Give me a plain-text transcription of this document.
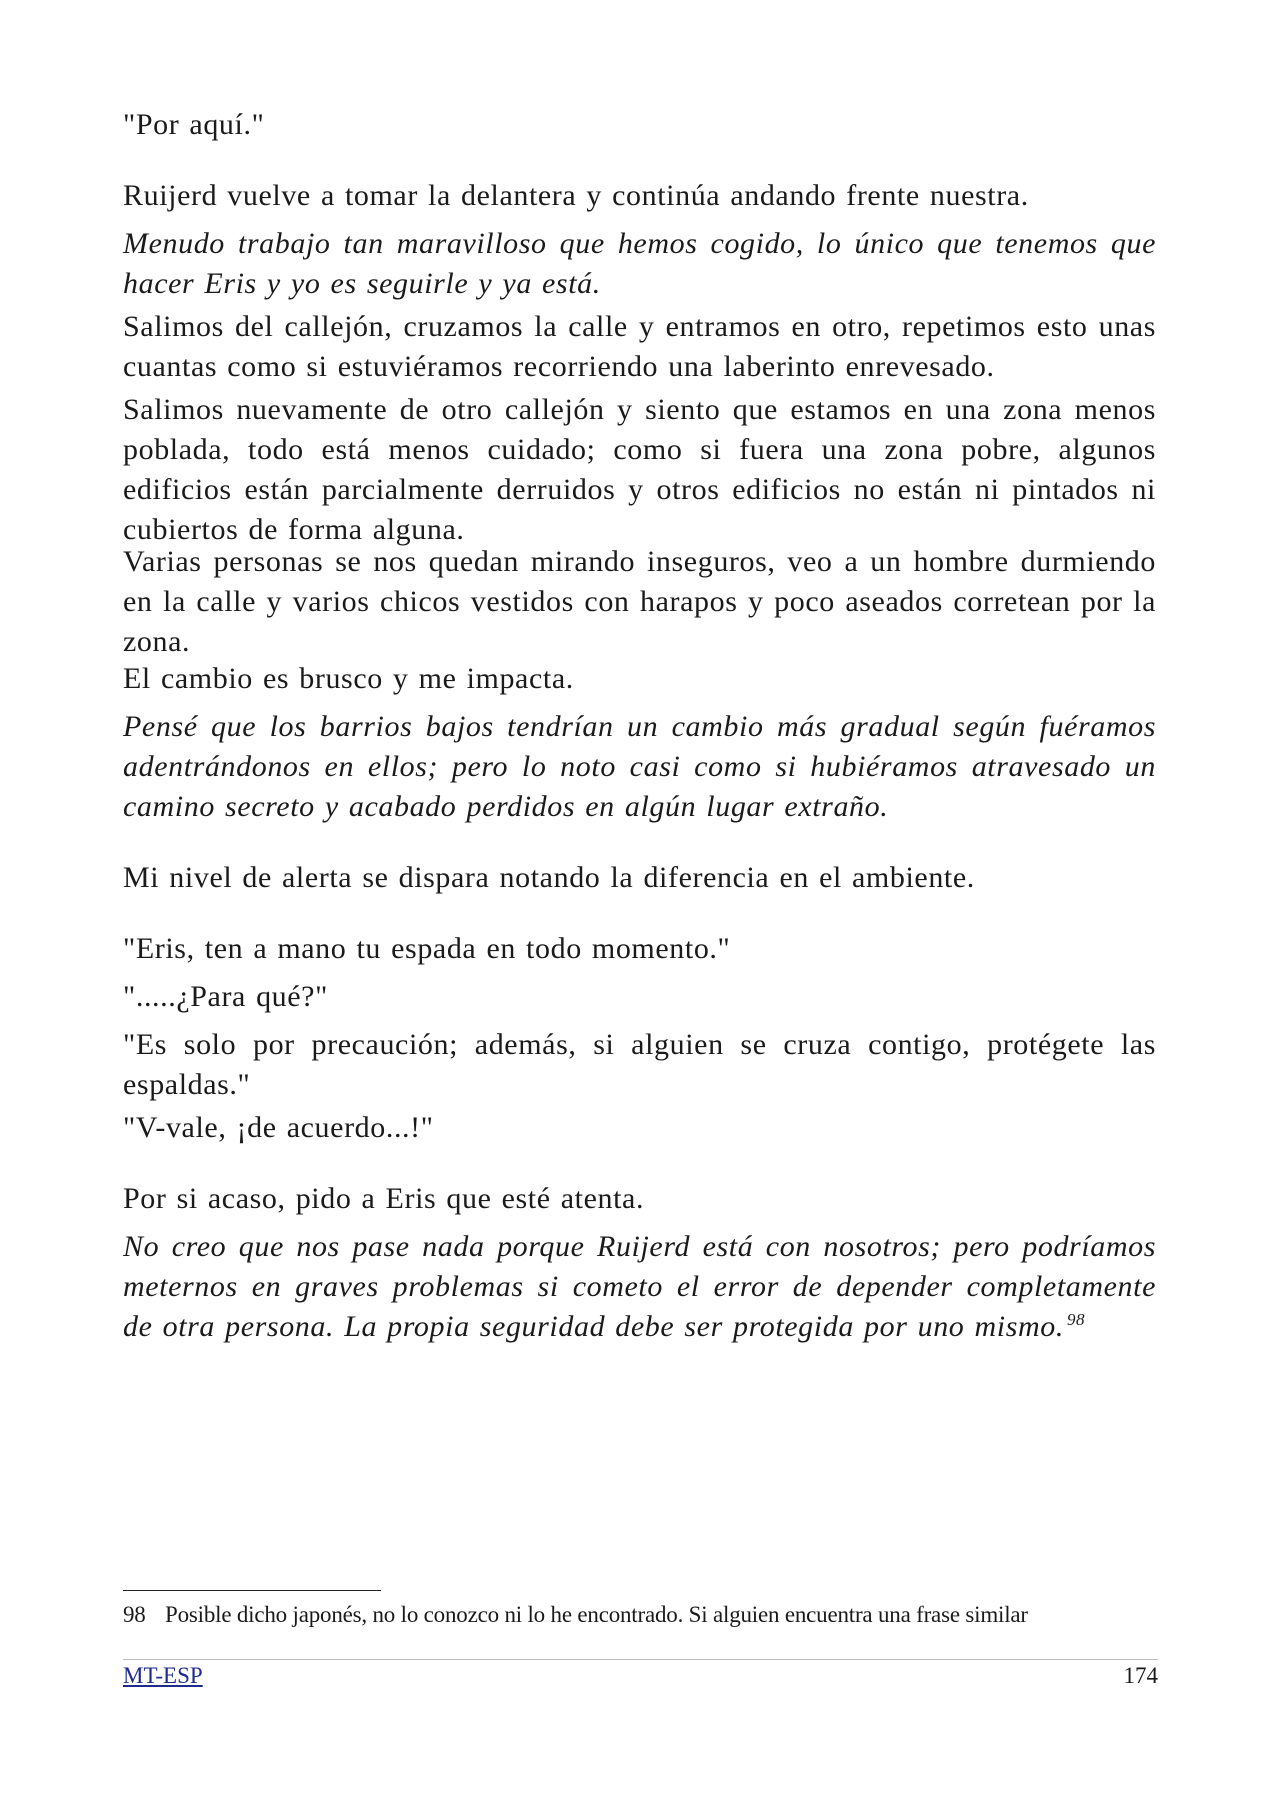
"Por aquí."

Ruijerd vuelve a tomar la delantera y continúa andando frente nuestra.

Menudo trabajo tan maravilloso que hemos cogido, lo único que tenemos que hacer Eris y yo es seguirle y ya está.

Salimos del callejón, cruzamos la calle y entramos en otro, repetimos esto unas cuantas como si estuviéramos recorriendo una laberinto enrevesado.

Salimos nuevamente de otro callejón y siento que estamos en una zona menos poblada, todo está menos cuidado; como si fuera una zona pobre, algunos edificios están parcialmente derruidos y otros edificios no están ni pintados ni cubiertos de forma alguna.

Varias personas se nos quedan mirando inseguros, veo a un hombre durmiendo en la calle y varios chicos vestidos con harapos y poco aseados corretean por la zona.

El cambio es brusco y me impacta.

Pensé que los barrios bajos tendrían un cambio más gradual según fuéramos adentrándonos en ellos; pero lo noto casi como si hubiéramos atravesado un camino secreto y acabado perdidos en algún lugar extraño.

Mi nivel de alerta se dispara notando la diferencia en el ambiente.

"Eris, ten a mano tu espada en todo momento."

".....¿Para qué?"

"Es solo por precaución; además, si alguien se cruza contigo, protégete las espaldas."

"V-vale, ¡de acuerdo...!"

Por si acaso, pido a Eris que esté atenta.

No creo que nos pase nada porque Ruijerd está con nosotros; pero podríamos meternos en graves problemas si cometo el error de depender completamente de otra persona. La propia seguridad debe ser protegida por uno mismo. $^{98}$

98 Posible dicho japonés, no lo conozco ni lo he encontrado. Si alguien encuentra una frase similar
MT-ESP	174
